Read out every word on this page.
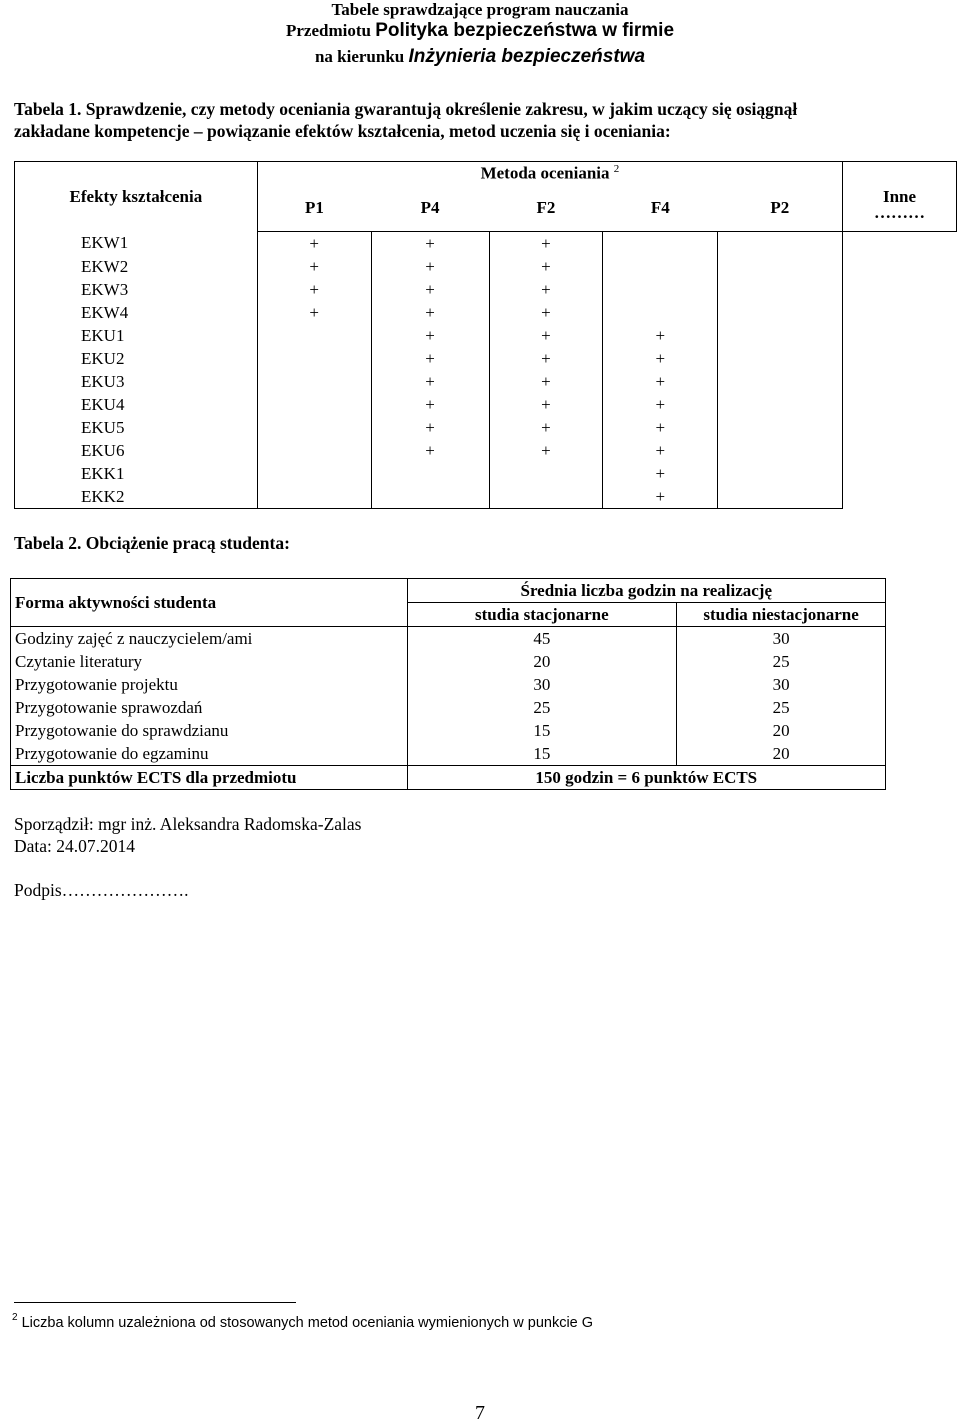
Tabele sprawdzające program nauczania
Przedmiotu Polityka bezpieczeństwa w firmie
na kierunku Inżynieria bezpieczeństwa
Tabela 1. Sprawdzenie, czy metody oceniania gwarantują określenie zakresu, w jakim uczący się osiągnął
zakładane kompetencje – powiązanie efektów kształcenia, metod uczenia się i oceniania:
Efekty kształcenia	Metoda oceniania $^2$					Inne
………

	P1	P4	F2	F4	P2	
EKW1	+	+	+			
EKW2	+	+	+			
EKW3	+	+	+			
EKW4	+	+	+			
EKU1		+	+	+		
EKU2		+	+	+		
EKU3		+	+	+		
EKU4		+	+	+		
EKU5		+	+	+		
EKU6		+	+	+		
EKK1				+		
EKK2				+		
Tabela 2. Obciążenie pracą studenta:
Forma aktywności studenta	Średnia liczba godzin na realizację	
	studia stacjonarne	studia niestacjonarne
Godziny zajęć z nauczycielem/ami	45	30
Czytanie literatury	20	25
Przygotowanie projektu	30	30
Przygotowanie sprawozdań	25	25
Przygotowanie do sprawdzianu	15	20
Przygotowanie do egzaminu	15	20
Liczba punktów ECTS dla przedmiotu	150 godzin = 6 punktów ECTS	
Sporządził: mgr inż. Aleksandra Radomska-Zalas
Data: 24.07.2014
Podpis………………….
$^2$ Liczba kolumn uzależniona od stosowanych metod oceniania wymienionych w punkcie G
7
